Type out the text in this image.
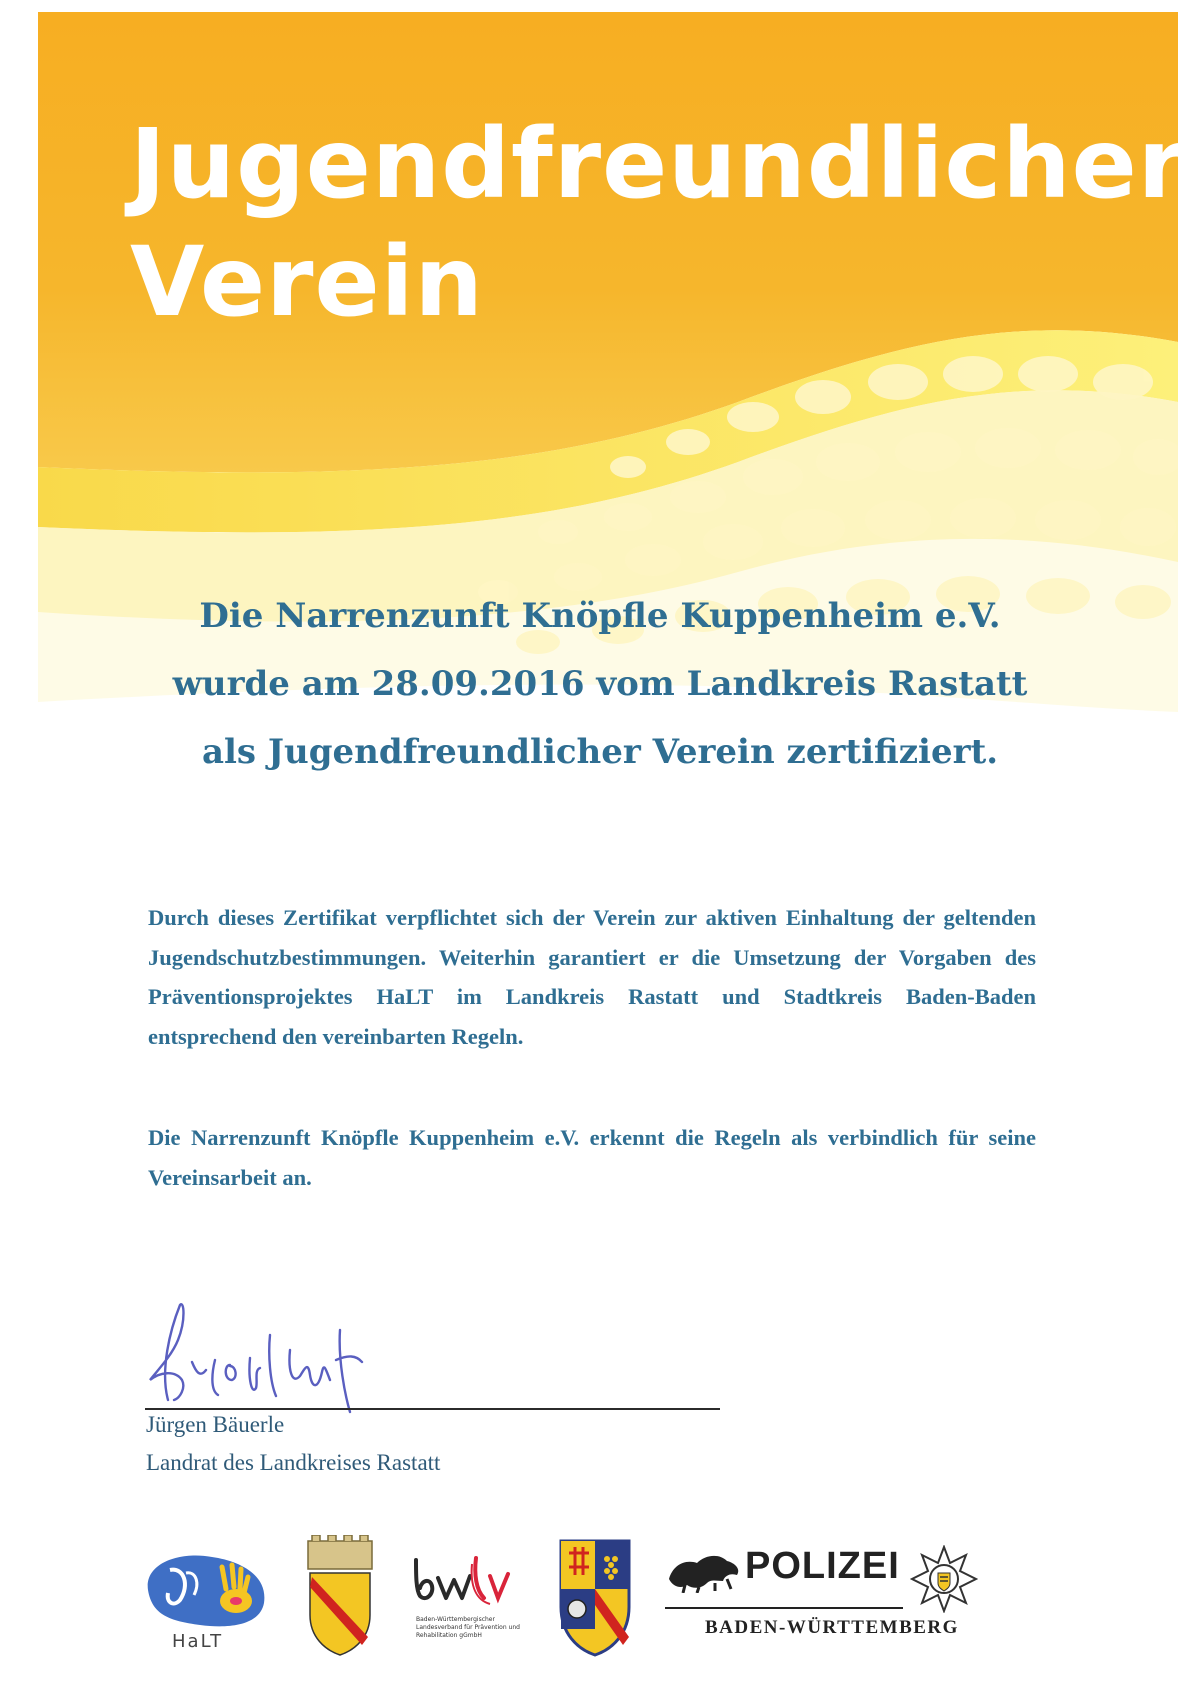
Jugendfreundlicher
Verein

Die Narrenzunft Knöpfle Kuppenheim e.V.

wurde am 28.09.2016 vom Landkreis Rastatt

als Jugendfreundlicher Verein zertifiziert.

Durch dieses Zertifikat verpflichtet sich der Verein zur aktiven Einhaltung der geltenden Jugendschutzbestimmungen. Weiterhin garantiert er die Umsetzung der Vorgaben des Präventionsprojektes HaLT im Landkreis Rastatt und Stadtkreis Baden-Baden entsprechend den vereinbarten Regeln.

Die Narrenzunft Knöpfle Kuppenheim e.V. erkennt die Regeln als verbindlich für seine Vereinsarbeit an.

Jürgen Bäuerle

Landrat des Landkreises Rastatt

HaLT
Baden-Württembergischer Landesverband für Prävention und Rehabilitation gGmbH
POLIZEI
BADEN-WÜRTTEMBERG
